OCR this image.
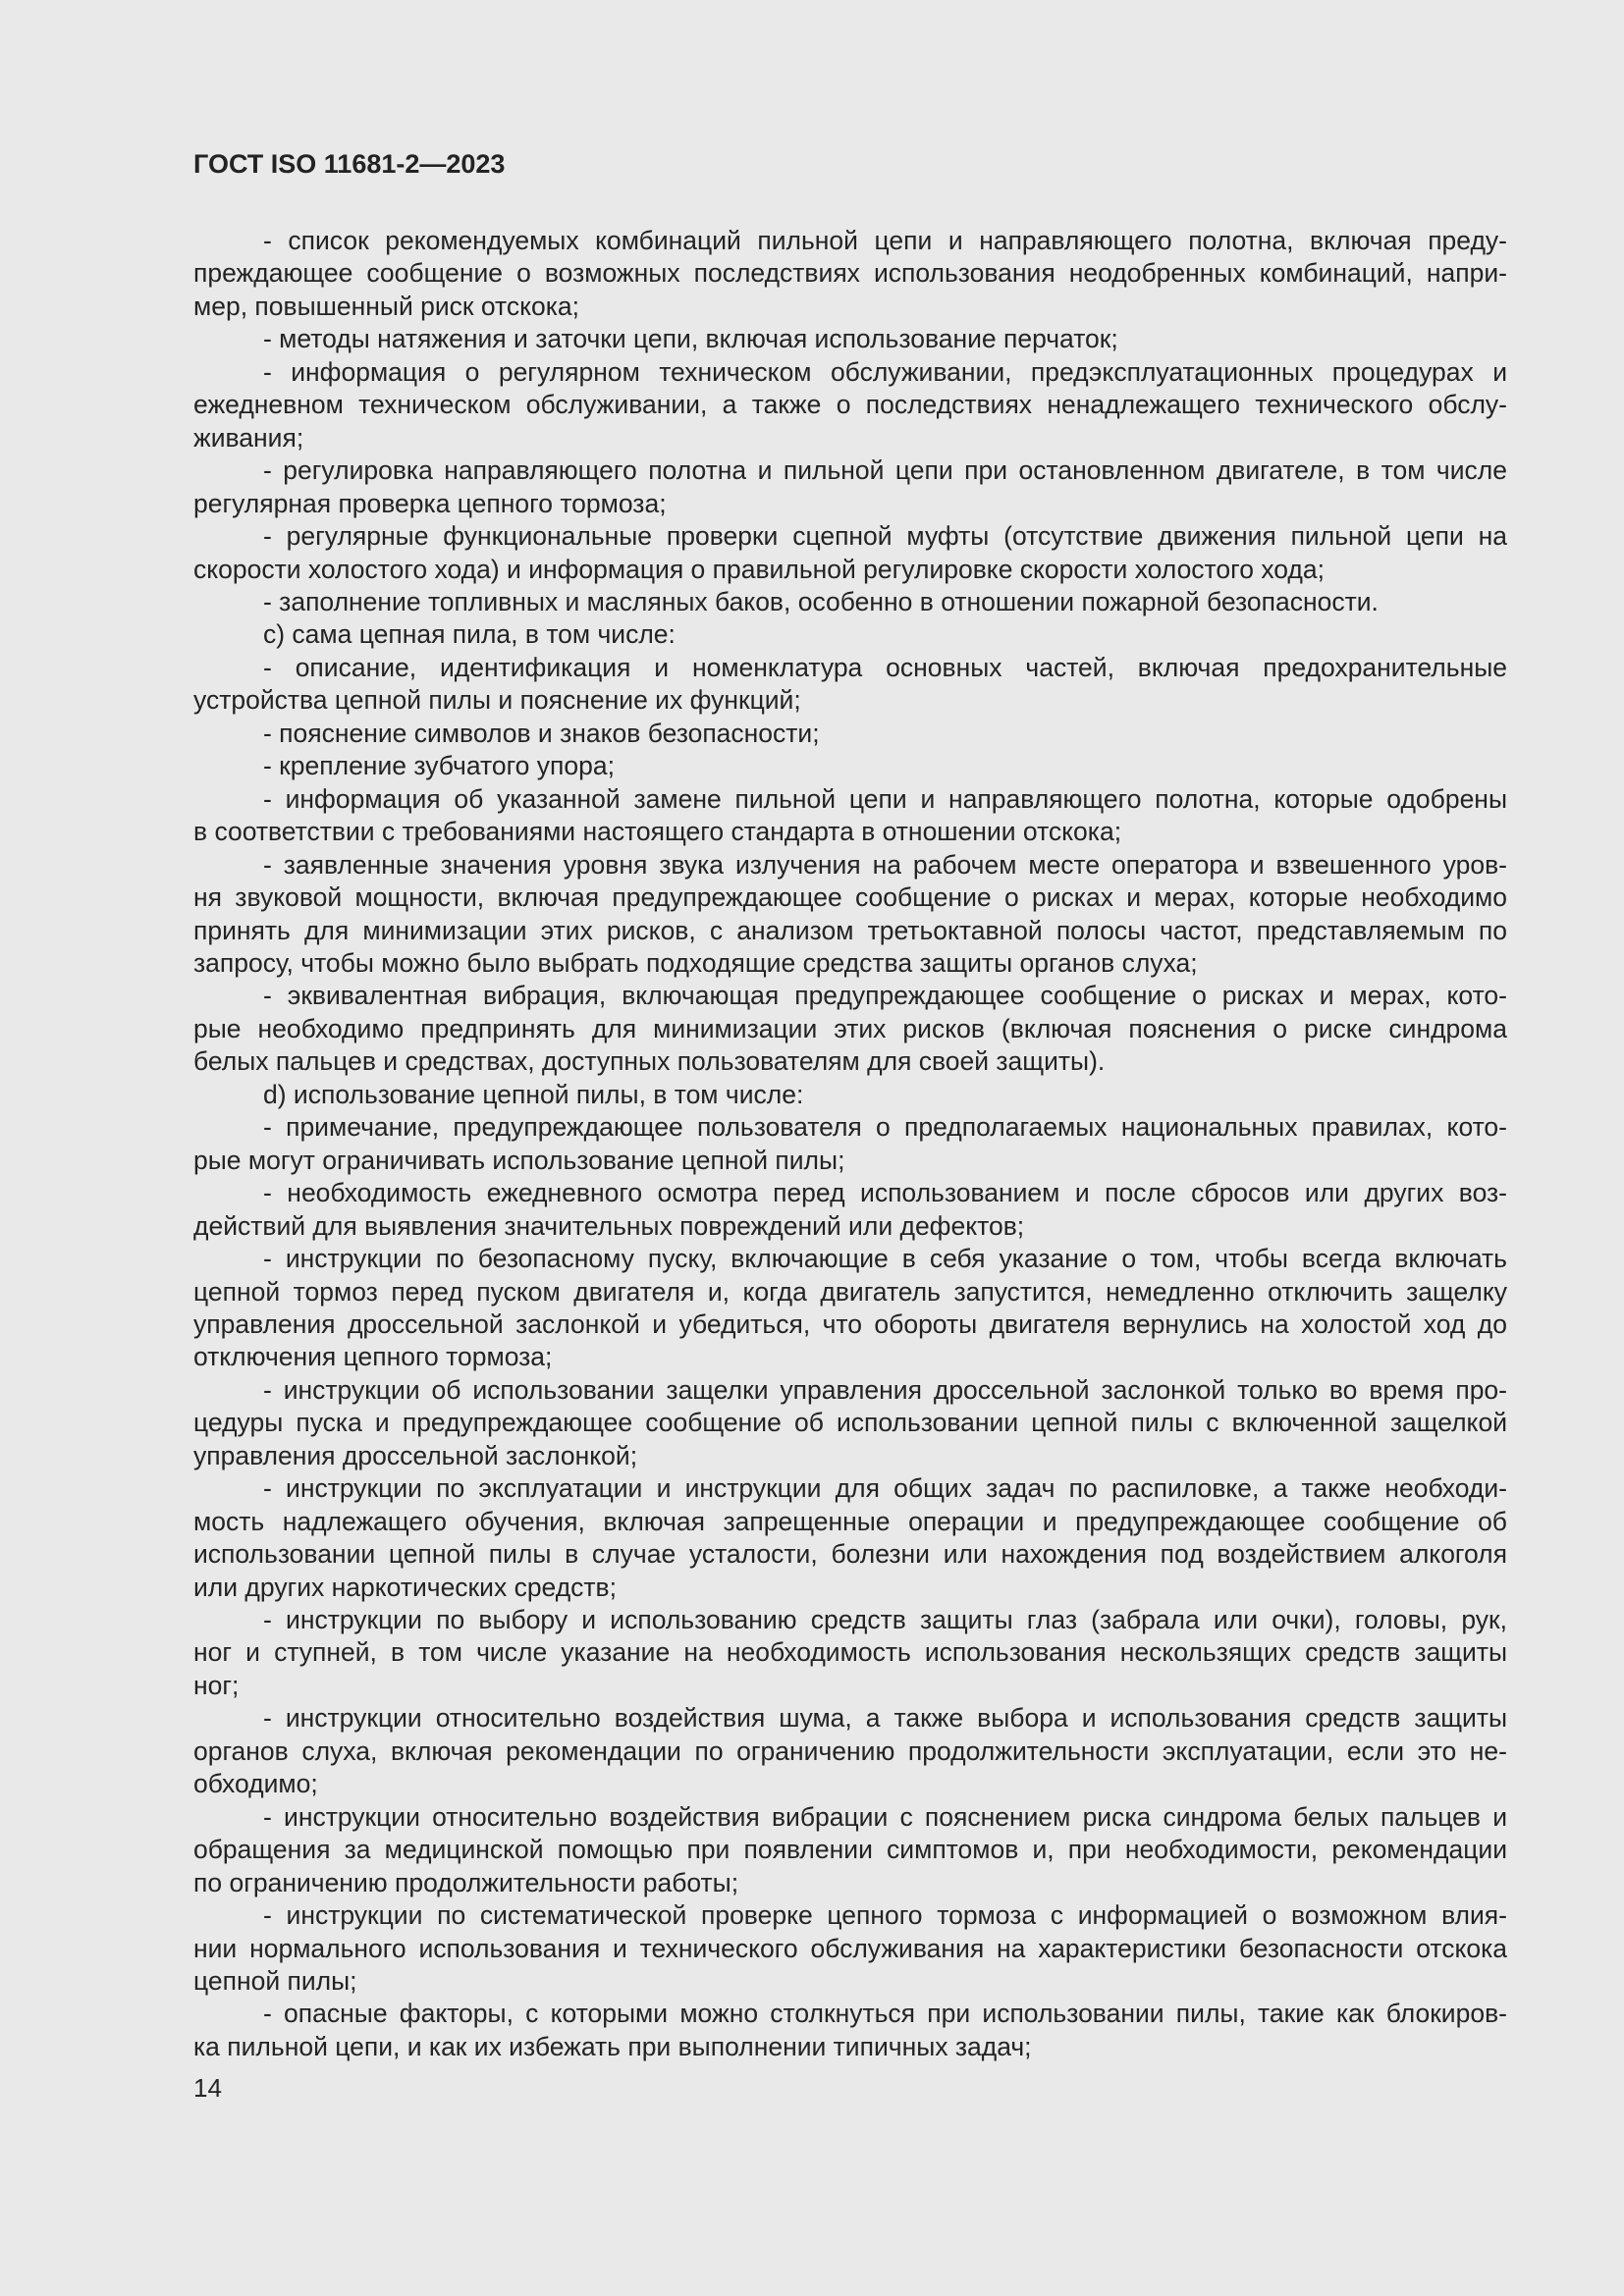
ГОСТ ISO 11681-2—2023
- список рекомендуемых комбинаций пильной цепи и направляющего полотна, включая преду-
преждающее сообщение о возможных последствиях использования неодобренных комбинаций, напри-
мер, повышенный риск отскока;
- методы натяжения и заточки цепи, включая использование перчаток;
- информация о регулярном техническом обслуживании, предэксплуатационных процедурах и
ежедневном техническом обслуживании, а также о последствиях ненадлежащего технического обслу-
живания;
- регулировка направляющего полотна и пильной цепи при остановленном двигателе, в том числе
регулярная проверка цепного тормоза;
- регулярные функциональные проверки сцепной муфты (отсутствие движения пильной цепи на
скорости холостого хода) и информация о правильной регулировке скорости холостого хода;
- заполнение топливных и масляных баков, особенно в отношении пожарной безопасности.
c) сама цепная пила, в том числе:
- описание, идентификация и номенклатура основных частей, включая предохранительные
устройства цепной пилы и пояснение их функций;
- пояснение символов и знаков безопасности;
- крепление зубчатого упора;
- информация об указанной замене пильной цепи и направляющего полотна, которые одобрены
в соответствии с требованиями настоящего стандарта в отношении отскока;
- заявленные значения уровня звука излучения на рабочем месте оператора и взвешенного уров-
ня звуковой мощности, включая предупреждающее сообщение о рисках и мерах, которые необходимо
принять для минимизации этих рисков, с анализом третьоктавной полосы частот, представляемым по
запросу, чтобы можно было выбрать подходящие средства защиты органов слуха;
- эквивалентная вибрация, включающая предупреждающее сообщение о рисках и мерах, кото-
рые необходимо предпринять для минимизации этих рисков (включая пояснения о риске синдрома
белых пальцев и средствах, доступных пользователям для своей защиты).
d) использование цепной пилы, в том числе:
- примечание, предупреждающее пользователя о предполагаемых национальных правилах, кото-
рые могут ограничивать использование цепной пилы;
- необходимость ежедневного осмотра перед использованием и после сбросов или других воз-
действий для выявления значительных повреждений или дефектов;
- инструкции по безопасному пуску, включающие в себя указание о том, чтобы всегда включать
цепной тормоз перед пуском двигателя и, когда двигатель запустится, немедленно отключить защелку
управления дроссельной заслонкой и убедиться, что обороты двигателя вернулись на холостой ход до
отключения цепного тормоза;
- инструкции об использовании защелки управления дроссельной заслонкой только во время про-
цедуры пуска и предупреждающее сообщение об использовании цепной пилы с включенной защелкой
управления дроссельной заслонкой;
- инструкции по эксплуатации и инструкции для общих задач по распиловке, а также необходи-
мость надлежащего обучения, включая запрещенные операции и предупреждающее сообщение об
использовании цепной пилы в случае усталости, болезни или нахождения под воздействием алкоголя
или других наркотических средств;
- инструкции по выбору и использованию средств защиты глаз (забрала или очки), головы, рук,
ног и ступней, в том числе указание на необходимость использования нескользящих средств защиты
ног;
- инструкции относительно воздействия шума, а также выбора и использования средств защиты
органов слуха, включая рекомендации по ограничению продолжительности эксплуатации, если это не-
обходимо;
- инструкции относительно воздействия вибрации с пояснением риска синдрома белых пальцев и
обращения за медицинской помощью при появлении симптомов и, при необходимости, рекомендации
по ограничению продолжительности работы;
- инструкции по систематической проверке цепного тормоза с информацией о возможном влия-
нии нормального использования и технического обслуживания на характеристики безопасности отскока
цепной пилы;
- опасные факторы, с которыми можно столкнуться при использовании пилы, такие как блокиров-
ка пильной цепи, и как их избежать при выполнении типичных задач;
14
